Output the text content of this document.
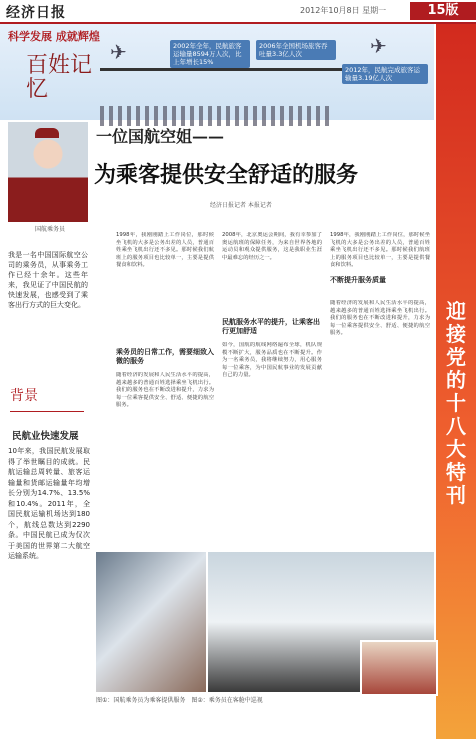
经济日报	2012年10月8日 星期一	15版
科学发展 成就辉煌
百姓记忆
2002年全年，民航旅客运输量8594万人次，比上年增长15%
2006年全国机场旅客吞吐量3.3亿人次
2012年，民航完成旅客运输量3.19亿人次
✈	✈
迎接党的十八大特刊
国航乘务员
一位国航空姐——
为乘客提供安全舒适的服务
经济日报记者 本报记者
我是一名中国国际航空公司的乘务员，从事乘务工作已经十余年。这些年来，我见证了中国民航的快速发展，也感受到了乘客出行方式的巨大变化。
背景
民航业快速发展
10年来，我国民航发展取得了举世瞩目的成就。民航运输总周转量、旅客运输量和货邮运输量年均增长分别为14.7%、13.5%和10.4%。2011年，全国民航运输机场达到180个，航线总数达到2290条。中国民航已成为仅次于美国的世界第二大航空运输系统。
1998年，我刚刚踏上工作岗位，那时候坐飞机的大多是公务出差的人员，普通百姓乘坐飞机出行还不多见。那时候我们航班上的服务项目也比较单一，主要是提供餐食和饮料。
乘务员的日常工作，需要细致入微的服务
随着经济的发展和人民生活水平的提高，越来越多的普通百姓选择乘坐飞机出行。我们的服务也在不断改进和提升，力求为每一位乘客提供安全、舒适、便捷的航空服务。
2008年，北京奥运会期间，我有幸参加了奥运航班的保障任务，为来自世界各地的运动员和观众提供服务，这是我职业生涯中最难忘的经历之一。
民航服务水平的提升，让乘客出行更加舒适
如今，国航的航线网络遍布全球，机队规模不断扩大，服务品质也在不断提升。作为一名乘务员，我将继续努力，用心服务每一位乘客，为中国民航事业的发展贡献自己的力量。
1998年，我刚刚踏上工作岗位，那时候坐飞机的大多是公务出差的人员，普通百姓乘坐飞机出行还不多见。那时候我们航班上的服务项目也比较单一，主要是提供餐食和饮料。
不断提升服务质量
随着经济的发展和人民生活水平的提高，越来越多的普通百姓选择乘坐飞机出行。我们的服务也在不断改进和提升，力求为每一位乘客提供安全、舒适、便捷的航空服务。
图①：国航乘务员为乘客提供服务　图②：乘务员在客舱中巡视
